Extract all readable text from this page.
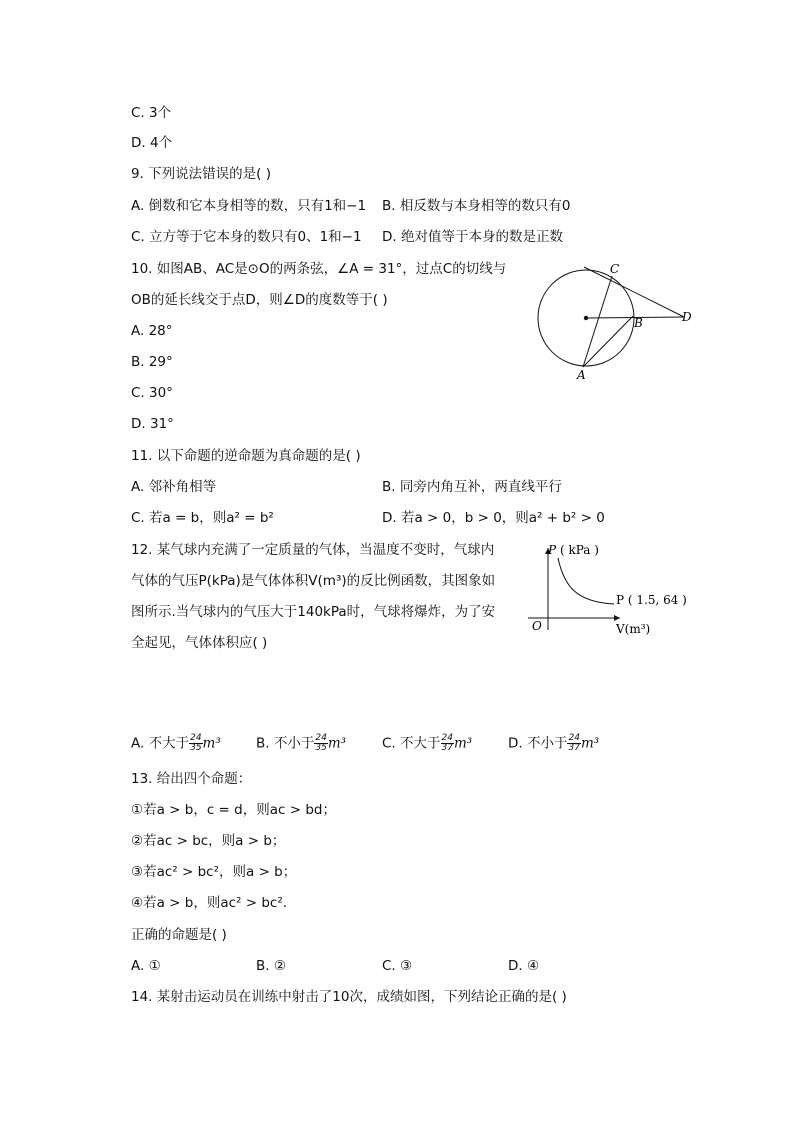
C. 3个
D. 4个
9. 下列说法错误的是( )
A. 倒数和它本身相等的数，只有1和−1 B. 相反数与本身相等的数只有0
C. 立方等于它本身的数只有0、1和−1 D. 绝对值等于本身的数是正数
10. 如图AB、AC是⊙O的两条弦，∠A = 31°，过点C的切线与
OB的延长线交于点D，则∠D的度数等于( )
A. 28°
B. 29°
C. 30°
D. 31°
C
B	D
A
11. 以下命题的逆命题为真命题的是( )
A. 邻补角相等	B. 同旁内角互补，两直线平行
C. 若a = b，则a² = b²	D. 若a > 0，b > 0，则a² + b² > 0
12. 某气球内充满了一定质量的气体，当温度不变时，气球内
气体的气压P(kPa)是气体体积V(m³)的反比例函数，其图象如
图所示.当气球内的气压大于140kPa时，气球将爆炸，为了安
全起见，气体体积应( )
P ( kPa )
O	V(m³)
P ( 1.5, 64 )
A. 不大于 $\frac{24}{35} m^3$	B. 不小于 $\frac{24}{35} m^3$	C. 不大于 $\frac{24}{37} m^3$	D. 不小于 $\frac{24}{37} m^3$
13. 给出四个命题：
①若a > b，c = d，则ac > bd；
②若ac > bc，则a > b；
③若ac² > bc²，则a > b；
④若a > b，则ac² > bc².
正确的命题是( )
A. ①	B. ②	C. ③	D. ④
14. 某射击运动员在训练中射击了10次，成绩如图，下列结论正确的是( )
